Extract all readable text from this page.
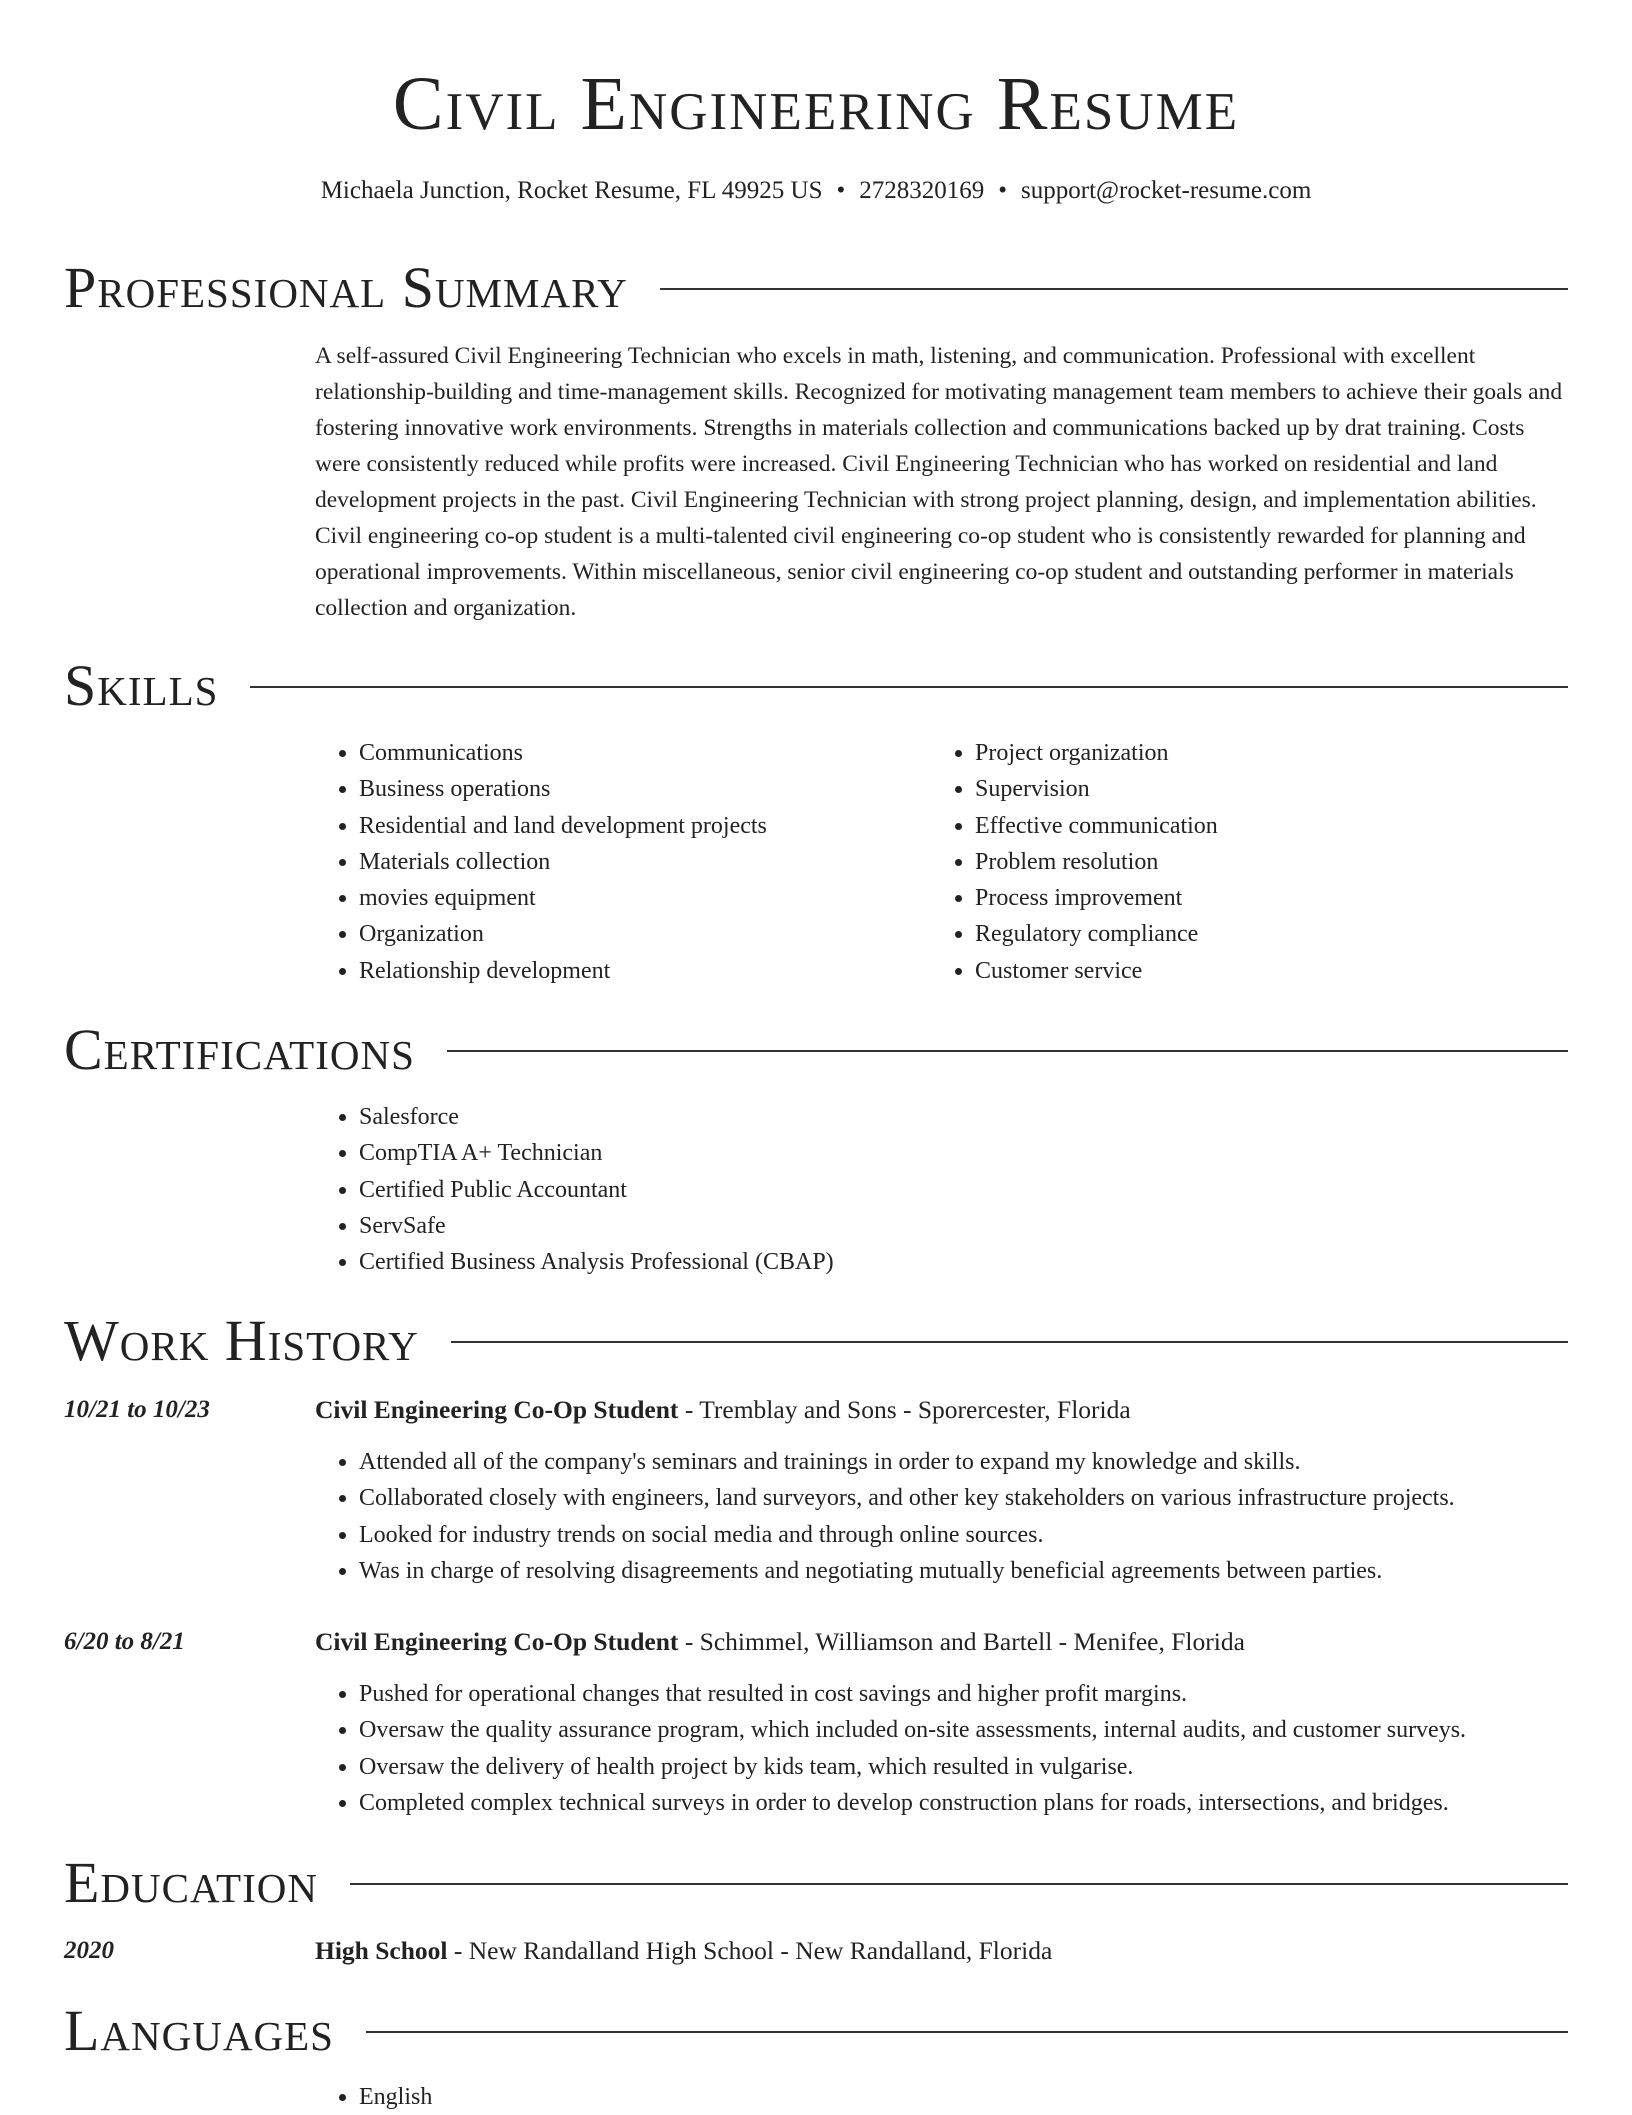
Civil Engineering Resume
Michaela Junction, Rocket Resume, FL 49925 US • 2728320169 • support@rocket-resume.com
Professional Summary

A self-assured Civil Engineering Technician who excels in math, listening, and communication. Professional with excellent relationship-building and time-management skills. Recognized for motivating management team members to achieve their goals and fostering innovative work environments. Strengths in materials collection and communications backed up by drat training. Costs were consistently reduced while profits were increased. Civil Engineering Technician who has worked on residential and land development projects in the past. Civil Engineering Technician with strong project planning, design, and implementation abilities. Civil engineering co-op student is a multi-talented civil engineering co-op student who is consistently rewarded for planning and operational improvements. Within miscellaneous, senior civil engineering co-op student and outstanding performer in materials collection and organization.

Skills
• Communications
• Business operations
• Residential and land development projects
• Materials collection
• movies equipment
• Organization
• Relationship development
• Project organization
• Supervision
• Effective communication
• Problem resolution
• Process improvement
• Regulatory compliance
• Customer service
Certifications
• Salesforce
• CompTIA A+ Technician
• Certified Public Accountant
• ServSafe
• Certified Business Analysis Professional (CBAP)
Work History
10/21 to 10/23	Civil Engineering Co-Op Student - Tremblay and Sons - Sporercester, Florida
• Attended all of the company's seminars and trainings in order to expand my knowledge and skills.
• Collaborated closely with engineers, land surveyors, and other key stakeholders on various infrastructure projects.
• Looked for industry trends on social media and through online sources.
• Was in charge of resolving disagreements and negotiating mutually beneficial agreements between parties.
6/20 to 8/21	Civil Engineering Co-Op Student - Schimmel, Williamson and Bartell - Menifee, Florida
• Pushed for operational changes that resulted in cost savings and higher profit margins.
• Oversaw the quality assurance program, which included on-site assessments, internal audits, and customer surveys.
• Oversaw the delivery of health project by kids team, which resulted in vulgarise.
• Completed complex technical surveys in order to develop construction plans for roads, intersections, and bridges.
Education
2020	High School - New Randalland High School - New Randalland, Florida
Languages
• English
